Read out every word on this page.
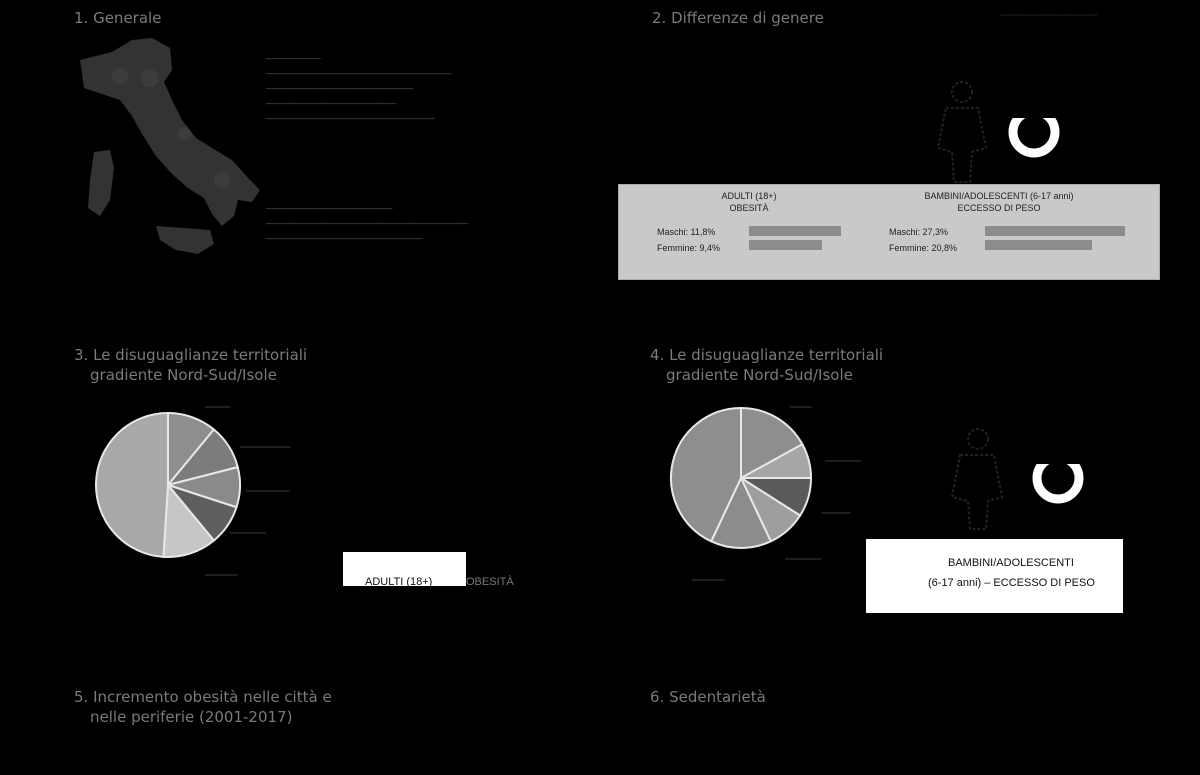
1. Generale	2. Differenze di genere
3. Le disuguaglianze territoriali
gradiente Nord-Sud/Isole
4. Le disuguaglianze territoriali
gradiente Nord-Sud/Isole
5. Incremento obesità nelle città e
nelle periferie (2001-2017)
6. Sedentarietà
━━━━━━━━━━━━━
━━━━━━━━━━━━━━━━━━━━━━━━━━━━━━━━━━━━━━━━━━━━
━━━━━━━━━━━━━━━━━━━━━━━━━━━━━━━━━━━
━━━━━━━━━━━━━━━━━━━━━━━━━━━━━━━
━━━━━━━━━━━━━━━━━━━━━━━━━━━━━━━━━━━━━━━━
━━━━━━━━━━━━━━━━━━━━━━━━━━━━━━
━━━━━━━━━━━━━━━━━━━━━━━━━━━━━━━━━━━━━━━━━━━━━━━━
━━━━━━━━━━━━━━━━━━━━━━━━━━━━━━━━━━━━━
━━━━━━━━━━━━━━━━━━━━━━━━━━━
ADULTI (18+)
OBESITÀ
BAMBINI/ADOLESCENTI (6-17 anni)
ECCESSO DI PESO
Maschi: 11,8%
Femmine: 9,4%
Maschi: 27,3%
Femmine: 20,8%
━━━━━━━
━━━━━━━━━━━━━━
━━━━━━━━━━━━
━━━━━━━━━━
━━━━━━━━━
ADULTI (18+)	OBESITÀ
━━━━━━
━━━━━━━━━━
━━━━━━━━
━━━━━━━━━━
━━━━━━━━━
BAMBINI/ADOLESCENTI
(6-17 anni) – ECCESSO DI PESO
